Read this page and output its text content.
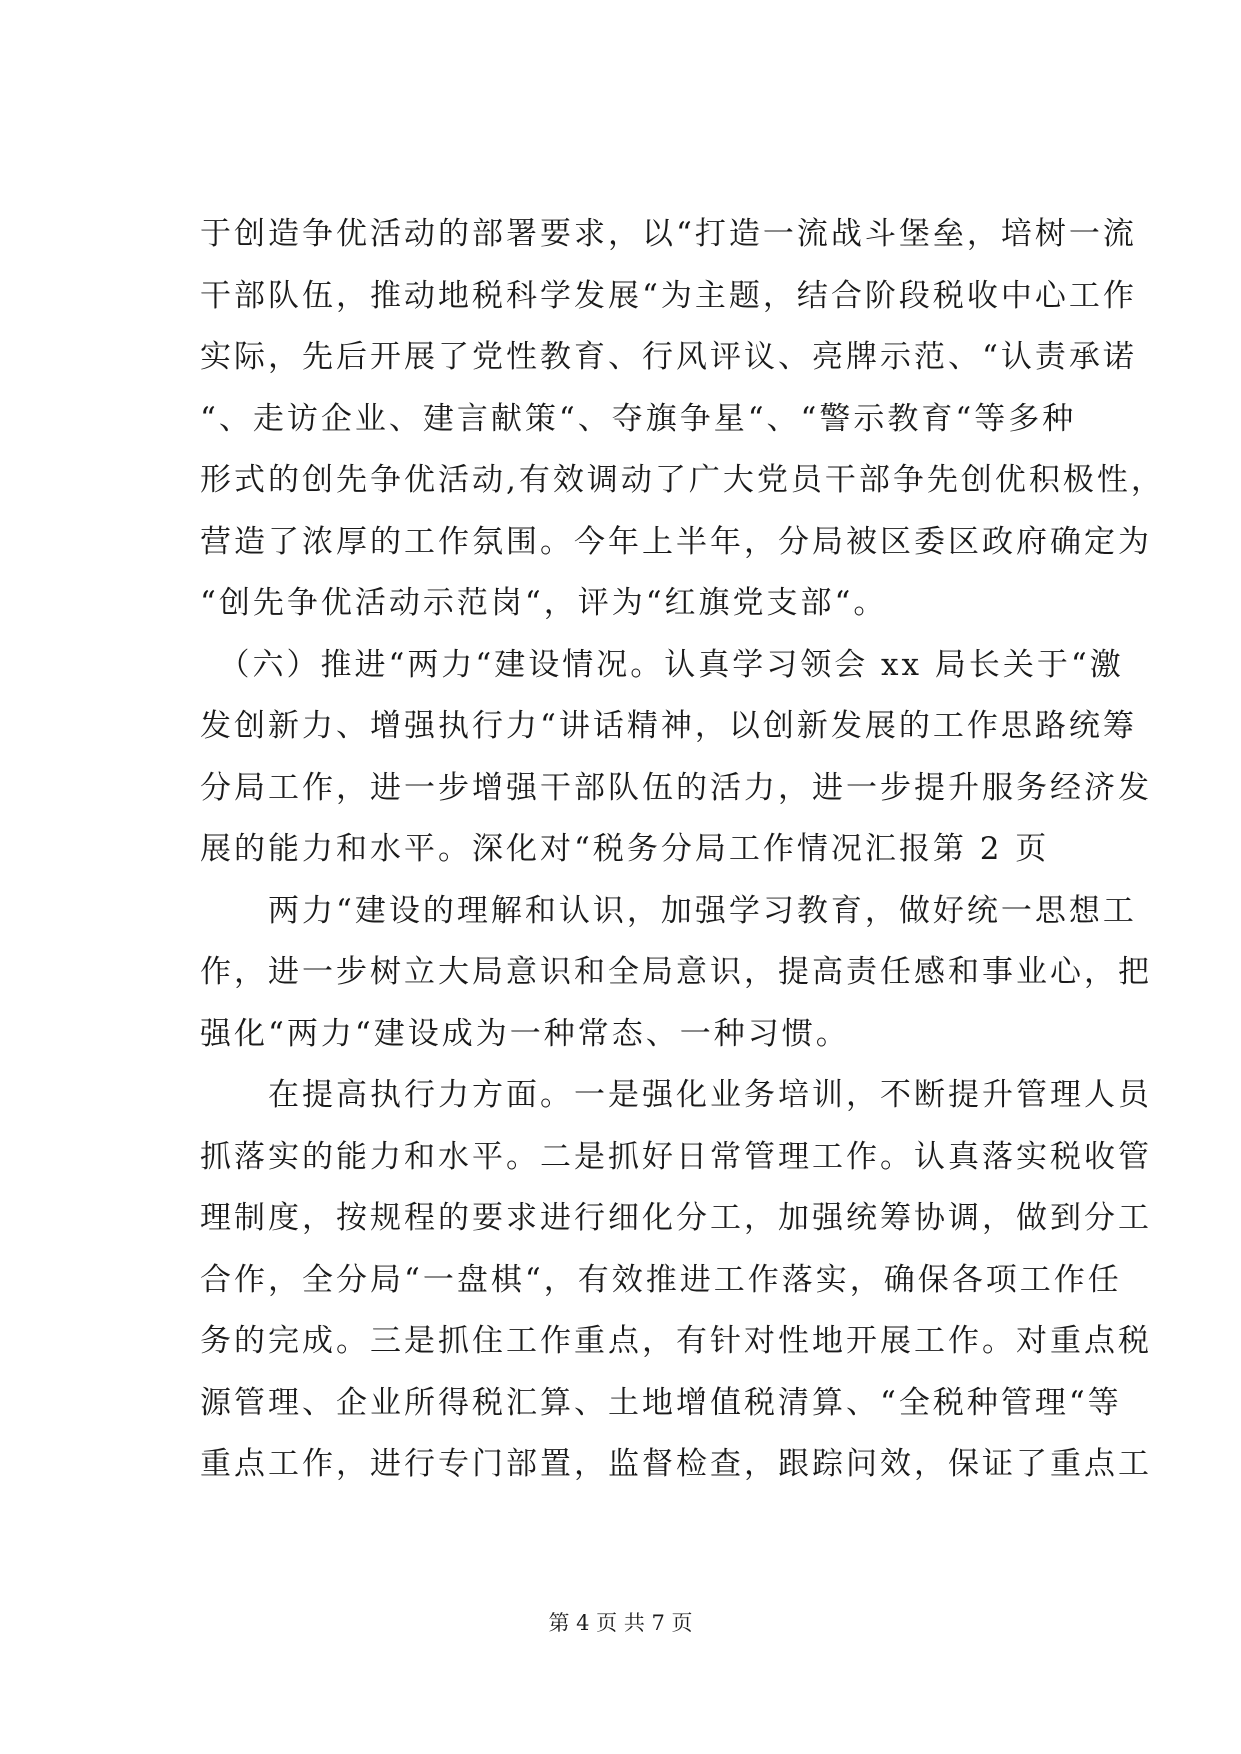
于创造争优活动的部署要求，以“打造一流战斗堡垒，培树一流
干部队伍，推动地税科学发展“为主题，结合阶段税收中心工作
实际，先后开展了党性教育、行风评议、亮牌示范、“认责承诺
“、走访企业、建言献策“、夺旗争星“、“警示教育“等多种
形式的创先争优活动,有效调动了广大党员干部争先创优积极性，
营造了浓厚的工作氛围。今年上半年，分局被区委区政府确定为
“创先争优活动示范岗“，评为“红旗党支部“。
　（六）推进“两力“建设情况。认真学习领会 xx 局长关于“激
发创新力、增强执行力“讲话精神，以创新发展的工作思路统筹
分局工作，进一步增强干部队伍的活力，进一步提升服务经济发
展的能力和水平。深化对“税务分局工作情况汇报第 2 页
　　两力“建设的理解和认识，加强学习教育，做好统一思想工
作，进一步树立大局意识和全局意识，提高责任感和事业心，把
强化“两力“建设成为一种常态、一种习惯。
　　在提高执行力方面。一是强化业务培训，不断提升管理人员
抓落实的能力和水平。二是抓好日常管理工作。认真落实税收管
理制度，按规程的要求进行细化分工，加强统筹协调，做到分工
合作，全分局“一盘棋“，有效推进工作落实，确保各项工作任
务的完成。三是抓住工作重点，有针对性地开展工作。对重点税
源管理、企业所得税汇算、土地增值税清算、“全税种管理“等
重点工作，进行专门部置，监督检查，跟踪问效，保证了重点工
第 4 页 共 7 页
